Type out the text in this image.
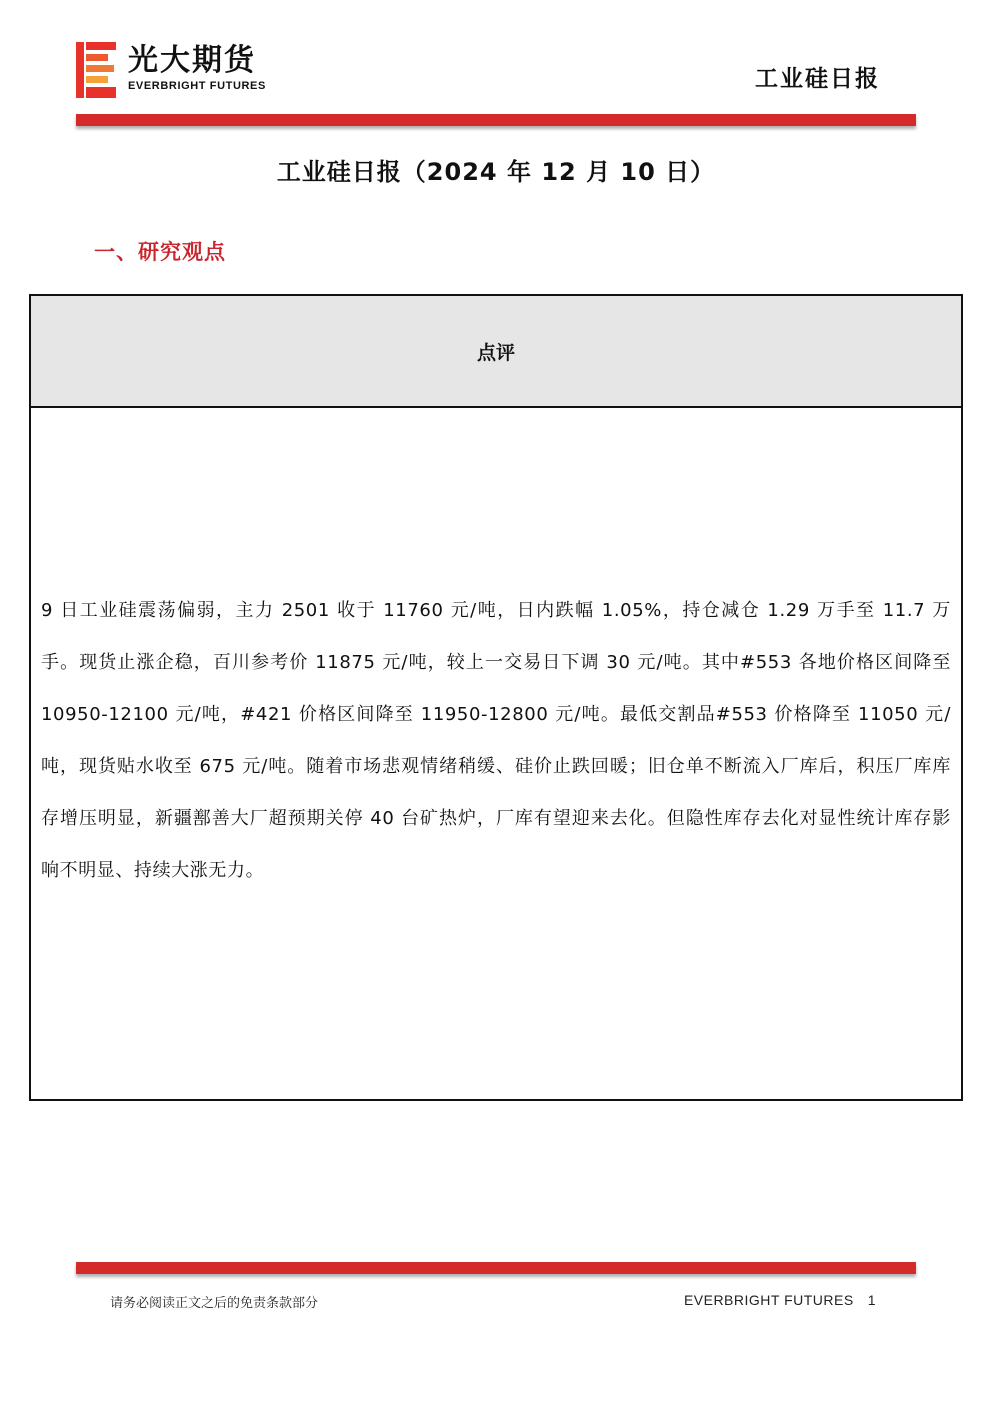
光大期货
EVERBRIGHT FUTURES	工业硅日报
工业硅日报（2024 年 12 月 10 日）
一、研究观点
点评

9 日工业硅震荡偏弱，主力 2501 收于 11760 元/吨，日内跌幅 1.05%，持仓减仓 1.29 万手至 11.7 万手。现货止涨企稳，百川参考价 11875 元/吨，较上一交易日下调 30 元/吨。其中#553 各地价格区间降至 10950-12100 元/吨，#421 价格区间降至 11950-12800 元/吨。最低交割品#553 价格降至 11050 元/吨，现货贴水收至 675 元/吨。随着市场悲观情绪稍缓、硅价止跌回暖；旧仓单不断流入厂库后，积压厂库库存增压明显，新疆鄯善大厂超预期关停 40 台矿热炉，厂库有望迎来去化。但隐性库存去化对显性统计库存影响不明显、持续大涨无力。

请务必阅读正文之后的免责条款部分	EVERBRIGHT FUTURES 1
